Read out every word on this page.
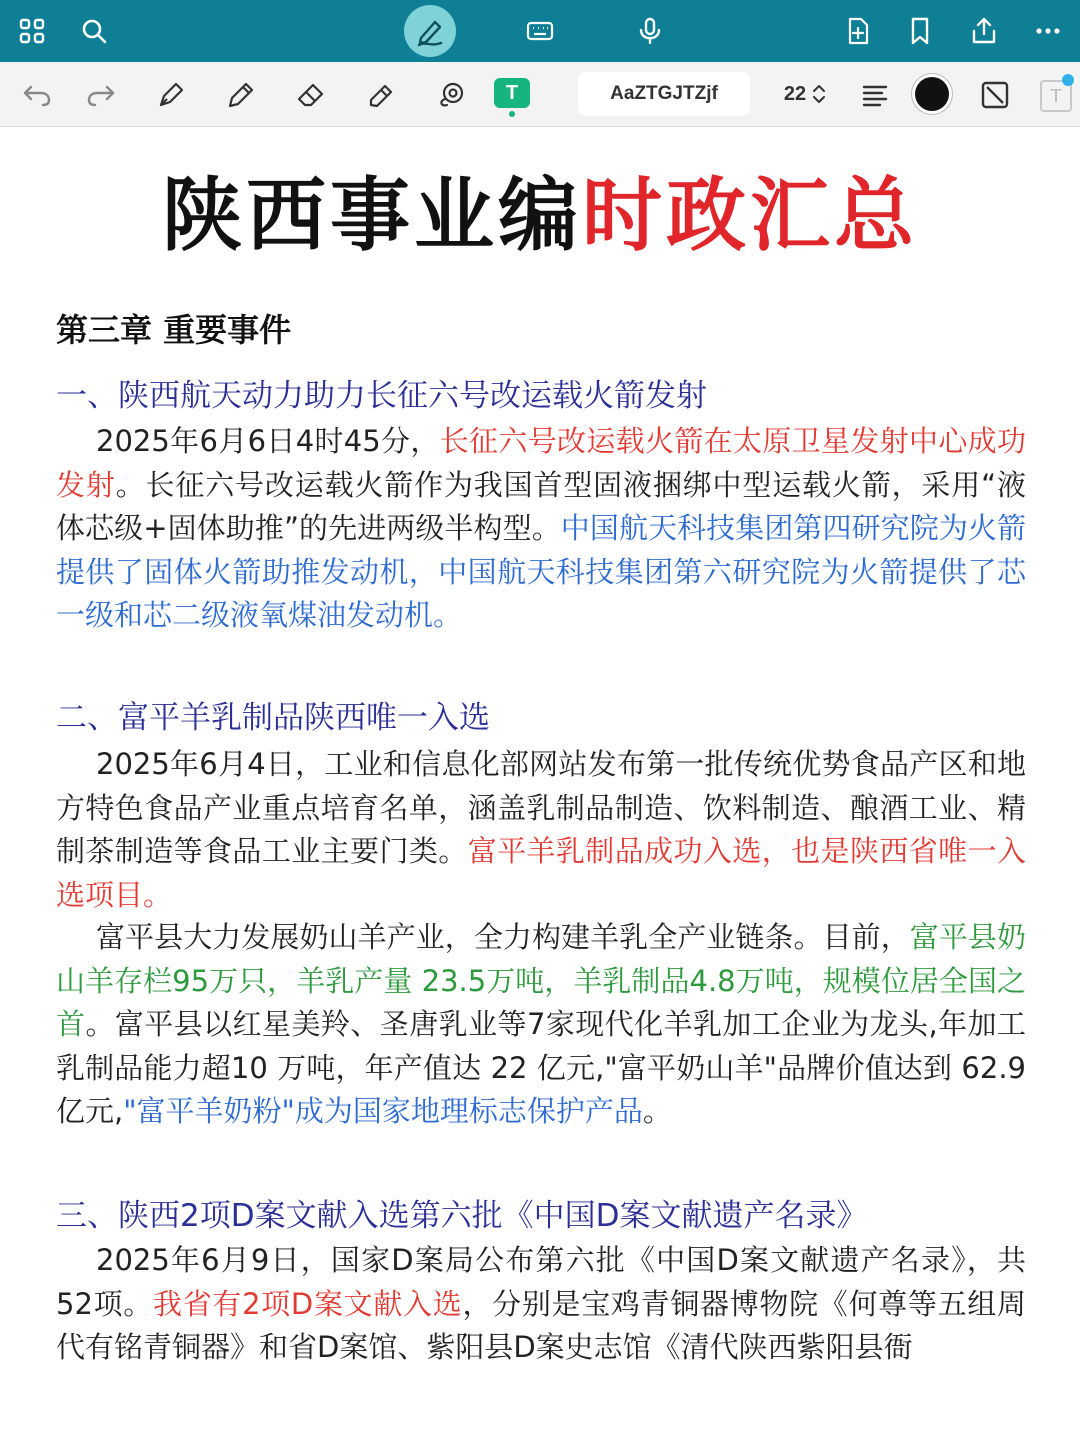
T	AaZTGJTZjf	22	T
陕西事业编时政汇总
第三章 重要事件
一、陕西航天动力助力长征六号改运载火箭发射
2025年6月6日4时45分，长征六号改运载火箭在太原卫星发射中心成功发射。长征六号改运载火箭作为我国首型固液捆绑中型运载火箭，采用“液体芯级+固体助推”的先进两级半构型。中国航天科技集团第四研究院为火箭提供了固体火箭助推发动机，中国航天科技集团第六研究院为火箭提供了芯一级和芯二级液氧煤油发动机。
二、富平羊乳制品陕西唯一入选
2025年6月4日，工业和信息化部网站发布第一批传统优势食品产区和地方特色食品产业重点培育名单，涵盖乳制品制造、饮料制造、酿酒工业、精制茶制造等食品工业主要门类。富平羊乳制品成功入选，也是陕西省唯一入选项目。
富平县大力发展奶山羊产业，全力构建羊乳全产业链条。目前，富平县奶山羊存栏95万只，羊乳产量 23.5万吨，羊乳制品4.8万吨，规模位居全国之首。富平县以红星美羚、圣唐乳业等7家现代化羊乳加工企业为龙头,年加工乳制品能力超10 万吨，年产值达 22 亿元,"富平奶山羊"品牌价值达到 62.9亿元,"富平羊奶粉"成为国家地理标志保护产品。
三、陕西2项D案文献入选第六批《中国D案文献遗产名录》
2025年6月9日，国家D案局公布第六批《中国D案文献遗产名录》，共52项。我省有2项D案文献入选，分别是宝鸡青铜器博物院《何尊等五组周代有铭青铜器》和省D案馆、紫阳县D案史志馆《清代陕西紫阳县衙
